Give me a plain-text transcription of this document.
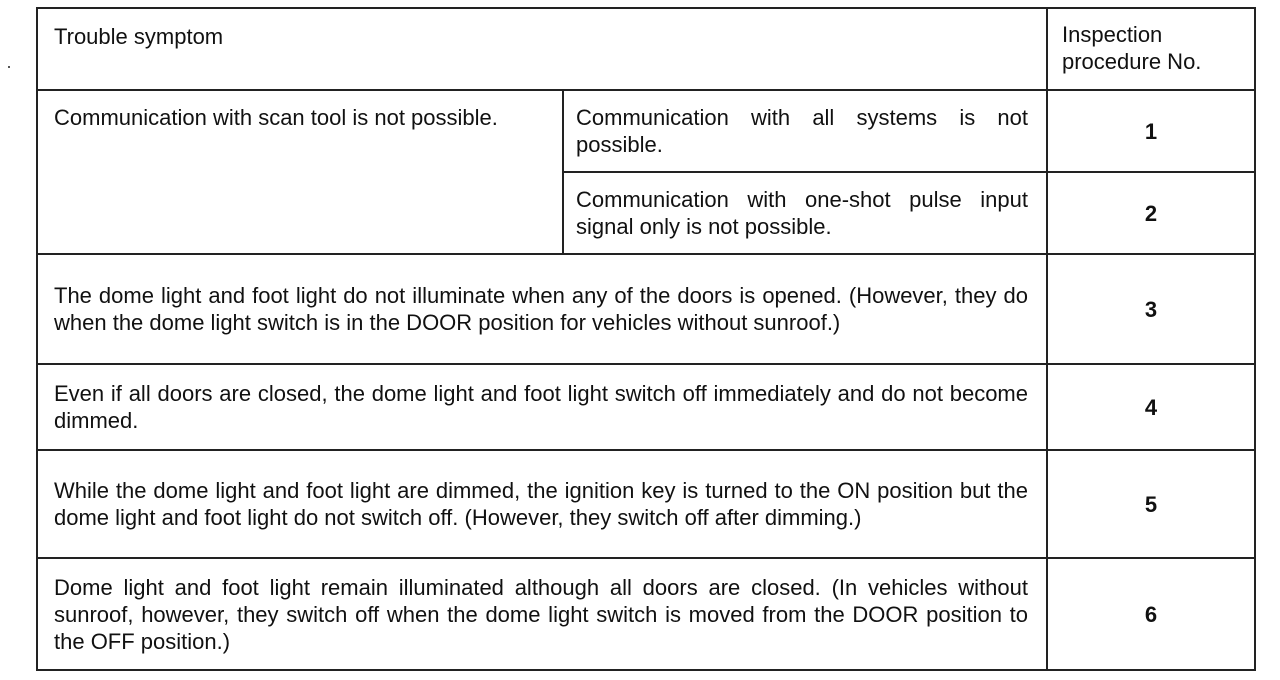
Trouble symptom		Inspection procedure No.

Communication with scan tool is not possible.	Communication with all systems is not possible.	1

	Communication with one-shot pulse input signal only is not possible.	2

The dome light and foot light do not illuminate when any of the doors is opened. (However, they do when the dome light switch is in the DOOR position for vehicles without sunroof.)		3

Even if all doors are closed, the dome light and foot light switch off immediately and do not become dimmed.		4

While the dome light and foot light are dimmed, the ignition key is turned to the ON position but the dome light and foot light do not switch off. (However, they switch off after dimming.)		5

Dome light and foot light remain illuminated although all doors are closed. (In vehicles without sunroof, however, they switch off when the dome light switch is moved from the DOOR position to the OFF position.)		6
